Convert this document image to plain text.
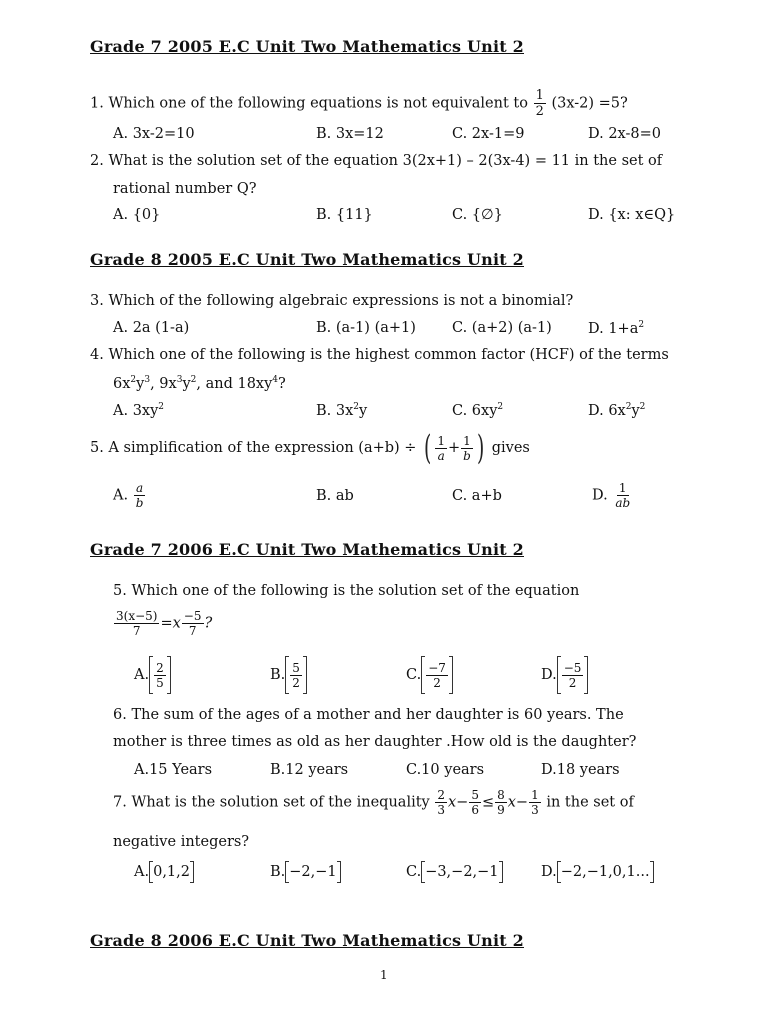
Grade 7 2005 E.C Unit Two Mathematics Unit 2
1. Which one of the following equations is not equivalent to $\frac{1}{2} (3x-2) =5$?
A. 3x-2=10	B. 3x=12	C. 2x-1=9	D. 2x-8=0
2. What is the solution set of the equation 3(2x+1) – 2(3x-4) = 11 in the set of
rational number Q?
A. {0}	B. {11}	C. {∅}	D. {x: x∈Q}
Grade 8 2005 E.C Unit Two Mathematics Unit 2
3. Which of the following algebraic expressions is not a binomial?
A. 2a (1-a)	B. (a-1) (a+1) C. (a+2) (a-1) D. $1+a^2$
4. Which one of the following is the highest common factor (HCF) of the terms
$6x^2y^3$, $9x^3y^2$, and $18xy^4$?
A. $3xy^2$	B. $3x^2y$	C. $6xy^2$	D. $6x^2y^2$
5. A simplification of the expression (a+b) ÷ ( $\frac{1}{a} + \frac{1}{b}$ ) gives
A. $\frac{a}{b}$	B. ab	C. a+b	D. $\frac{1}{ab}$
Grade 7 2006 E.C Unit Two Mathematics Unit 2
5. Which one of the following is the solution set of the equation
$\frac{3(x-5)}{7} =x \frac{-5}{7}$ ?
A. $\frac{2}{5}$	B. $\frac{5}{2}$	C. $\frac{-7}{2}$	D. $\frac{-5}{2}$
6. The sum of the ages of a mother and her daughter is 60 years. The
mother is three times as old as her daughter .How old is the daughter?
A.15 Years	B.12 years	C.10 years	D.18 years
7. What is the solution set of the inequality $\frac{2}{3} x- \frac{5}{6} \le \frac{8}{9} x- \frac{1}{3}$ in the set of
negative integers?
A. 0,1,2	B. −2,−1	C. −3,−2,−1	D. −2,−1,0,1...
Grade 8 2006 E.C Unit Two Mathematics Unit 2
1
